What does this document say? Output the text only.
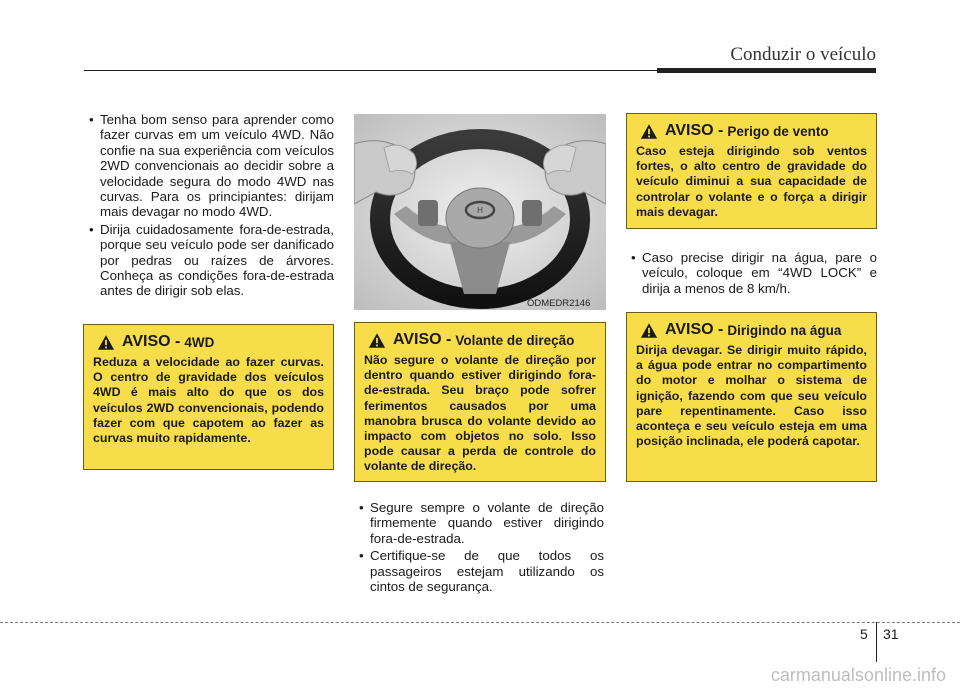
Conduzir o veículo
• Tenha bom senso para aprender como fazer curvas em um veículo 4WD. Não confie na sua experiência com veículos 2WD convencionais ao decidir sobre a velocidade segura do modo 4WD nas curvas. Para os principiantes: dirijam mais devagar no modo 4WD.
• Dirija cuidadosamente fora-de-estrada, porque seu veículo pode ser danificado por pedras ou raízes de árvores. Conheça as condições fora-de-estrada antes de dirigir sob elas.
AVISO - 4WD
Reduza a velocidade ao fazer curvas. O centro de gravidade dos veículos 4WD é mais alto do que os dos veículos 2WD convencionais, podendo fazer com que capotem ao fazer as curvas muito rapidamente.
H
ODMEDR2146
AVISO - Volante de direção
Não segure o volante de direção por dentro quando estiver dirigindo fora-de-estrada. Seu braço pode sofrer ferimentos causados por uma manobra brusca do volante devido ao impacto com objetos no solo. Isso pode causar a perda de controle do volante de direção.
• Segure sempre o volante de direção firmemente quando estiver dirigindo fora-de-estrada.
• Certifique-se de que todos os passageiros estejam utilizando os cintos de segurança.
AVISO - Perigo de vento
Caso esteja dirigindo sob ventos fortes, o alto centro de gravidade do veículo diminui a sua capacidade de controlar o volante e o força a dirigir mais devagar.
• Caso precise dirigir na água, pare o veículo, coloque em “4WD LOCK” e dirija a menos de 8 km/h.
AVISO - Dirigindo na água
Dirija devagar. Se dirigir muito rápido, a água pode entrar no compartimento do motor e molhar o sistema de ignição, fazendo com que seu veículo pare repentinamente. Caso isso aconteça e seu veículo esteja em uma posição inclinada, ele poderá capotar.
5 31
carmanualsonline.info
